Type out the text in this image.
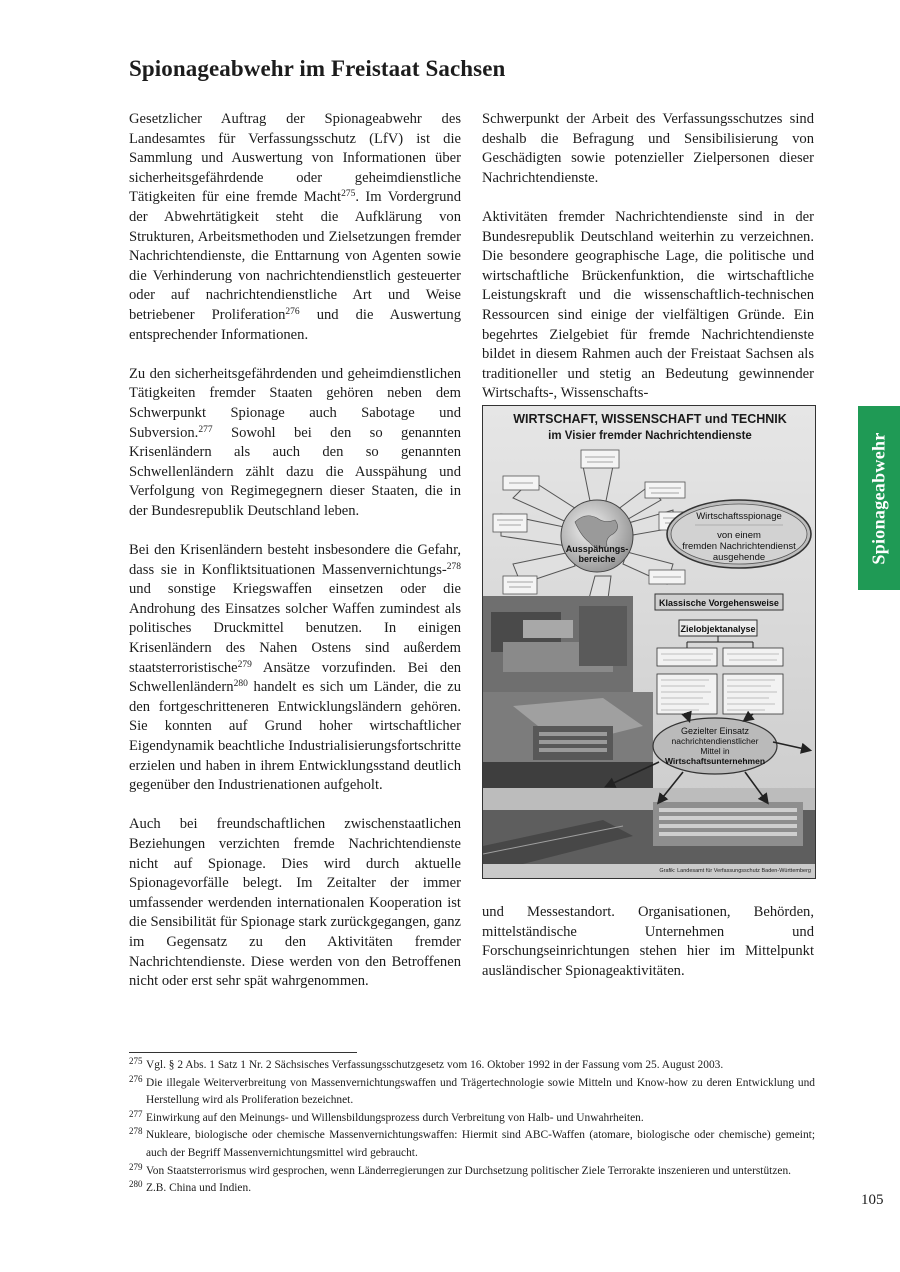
Spionageabwehr im Freistaat Sachsen

Gesetzlicher Auftrag der Spionageabwehr des Landesamtes für Verfassungsschutz (LfV) ist die Sammlung und Auswertung von Informationen über sicherheitsgefährdende oder geheimdienstliche Tätigkeiten für eine fremde Macht$^{275}$. Im Vordergrund der Abwehrtätigkeit steht die Aufklärung von Strukturen, Arbeitsmethoden und Zielsetzungen fremder Nachrichtendienste, die Enttarnung von Agenten sowie die Verhinderung von nachrichtendienstlich gesteuerter oder auf nachrichtendienstliche Art und Weise betriebener Proliferation$^{276}$ und die Auswertung entsprechender Informationen.

Zu den sicherheitsgefährdenden und geheimdienstlichen Tätigkeiten fremder Staaten gehören neben dem Schwerpunkt Spionage auch Sabotage und Subversion.$^{277}$ Sowohl bei den so genannten Krisenländern als auch den so genannten Schwellenländern zählt dazu die Ausspähung und Verfolgung von Regimegegnern dieser Staaten, die in der Bundesrepublik Deutschland leben.

Bei den Krisenländern besteht insbesondere die Gefahr, dass sie in Konfliktsituationen Massenvernichtungs-$^{278}$ und sonstige Kriegswaffen einsetzen oder die Androhung des Einsatzes solcher Waffen zumindest als politisches Druckmittel benutzen. In einigen Krisenländern des Nahen Ostens sind außerdem staatsterroristische$^{279}$ Ansätze vorzufinden. Bei den Schwellenländern$^{280}$ handelt es sich um Länder, die zu den fortgeschritteneren Entwicklungsländern gehören. Sie konnten auf Grund hoher wirtschaftlicher Eigendynamik beachtliche Industrialisierungsfortschritte erzielen und haben in ihrem Entwicklungsstand deutlich gegenüber den Industrienationen aufgeholt.

Auch bei freundschaftlichen zwischenstaatlichen Beziehungen verzichten fremde Nachrichtendienste nicht auf Spionage. Dies wird durch aktuelle Spionagevorfälle belegt. Im Zeitalter der immer umfassender werdenden internationalen Kooperation ist die Sensibilität für Spionage stark zurückgegangen, ganz im Gegensatz zu den Aktivitäten fremder Nachrichtendienste. Diese werden von den Betroffenen nicht oder erst sehr spät wahrgenommen.

Schwerpunkt der Arbeit des Verfassungsschutzes sind deshalb die Befragung und Sensibilisierung von Geschädigten sowie potenzieller Zielpersonen dieser Nachrichtendienste.

Aktivitäten fremder Nachrichtendienste sind in der Bundesrepublik Deutschland weiterhin zu verzeichnen. Die besondere geographische Lage, die politische und wirtschaftliche Brückenfunktion, die wirtschaftliche Leistungskraft und die wissenschaftlich-technischen Ressourcen sind einige der vielfältigen Gründe. Ein begehrtes Zielgebiet für fremde Nachrichtendienste bildet in diesem Rahmen auch der Freistaat Sachsen als traditioneller und stetig an Bedeutung gewinnender Wirtschafts-, Wissenschafts-

WIRTSCHAFT, WISSENSCHAFT und TECHNIK
im Visier fremder Nachrichtendienste
Ausspähungs-bereiche
Wirtschaftsspionage
von einem
fremden Nachrichtendienst
ausgehende
Klassische Vorgehensweise
Zielobjektanalyse
Gezielter Einsatz
nachrichtendienstlicher
Mittel in
Wirtschaftsunternehmen
Grafik: Landesamt für Verfassungsschutz Baden-Württemberg

und Messestandort. Organisationen, Behörden, mittelständische Unternehmen und Forschungseinrichtungen stehen hier im Mittelpunkt ausländischer Spionageaktivitäten.

Spionageabwehr
275 Vgl. § 2 Abs. 1 Satz 1 Nr. 2 Sächsisches Verfassungsschutzgesetz vom 16. Oktober 1992 in der Fassung vom 25. August 2003.
276 Die illegale Weiterverbreitung von Massenvernichtungswaffen und Trägertechnologie sowie Mitteln und Know-how zu deren Entwicklung und Herstellung wird als Proliferation bezeichnet.
277 Einwirkung auf den Meinungs- und Willensbildungsprozess durch Verbreitung von Halb- und Unwahrheiten.
278 Nukleare, biologische oder chemische Massenvernichtungswaffen: Hiermit sind ABC-Waffen (atomare, biologische oder chemische) gemeint; auch der Begriff Massenvernichtungsmittel wird gebraucht.
279 Von Staatsterrorismus wird gesprochen, wenn Länderregierungen zur Durchsetzung politischer Ziele Terrorakte inszenieren und unterstützen.
280 Z.B. China und Indien.
105
